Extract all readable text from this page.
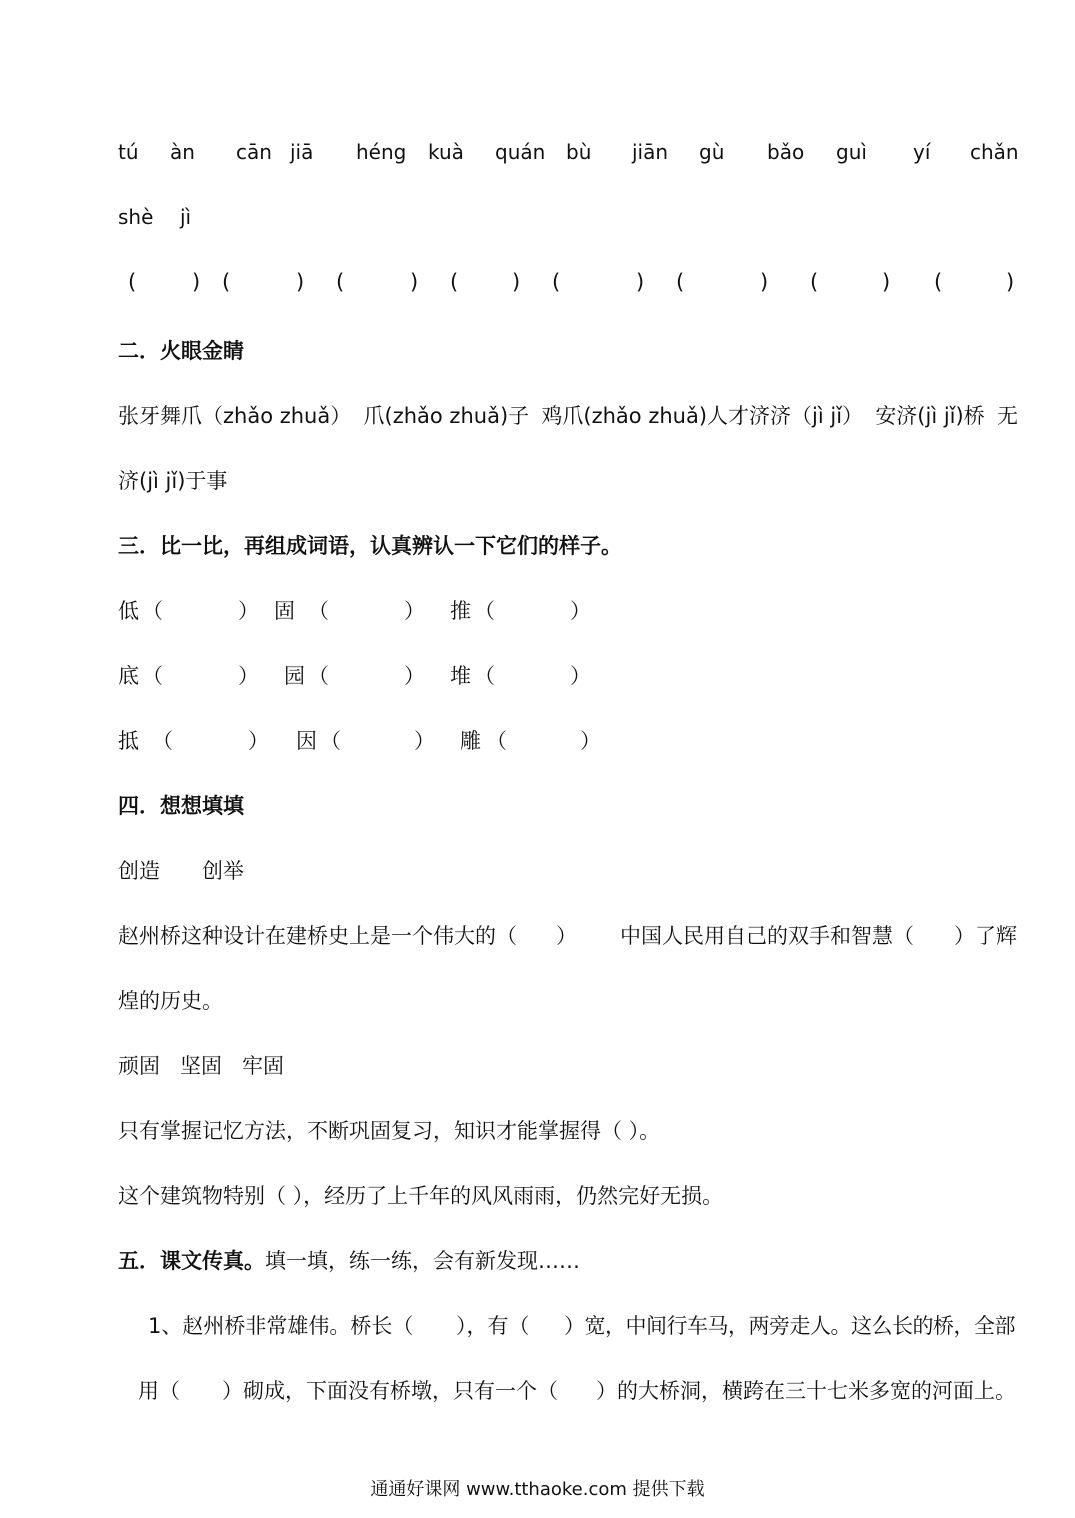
tú àn cān jiā héng kuà quán bù jiān gù bǎo guì yí chǎn
shè jì
(	) (	) (	) (	) (	) (	) (	) (	)
二．火眼金睛
张牙舞爪（zhǎo zhuǎ） 爪(zhǎo zhuǎ)子 鸡爪(zhǎo zhuǎ)人才济济（jì jǐ） 安济(jì jǐ)桥 无
济(jì jǐ)于事
三．比一比，再组成词语，认真辨认一下它们的样子。
低 （	） 固 （	） 推 （	）
底 （	） 园 （	） 堆 （	）
抵 （	） 因 （	） 雕 （	）
四．想想填填
创造 创举
赵州桥这种设计在建桥史上是一个伟大的（ ） 中国人民用自己的双手和智慧（ ）了辉
煌的历史。
顽固 坚固 牢固
只有掌握记忆方法，不断巩固复习，知识才能掌握得（ ）。
这个建筑物特别（ ），经历了上千年的风风雨雨，仍然完好无损。
五．课文传真。填一填，练一练，会有新发现……
1、赵州桥非常雄伟。桥长（ ），有（ ）宽，中间行车马，两旁走人。这么长的桥，全部
用（ ）砌成，下面没有桥墩，只有一个（ ）的大桥洞，横跨在三十七米多宽的河面上。
通通好课网 www.tthaoke.com 提供下载
